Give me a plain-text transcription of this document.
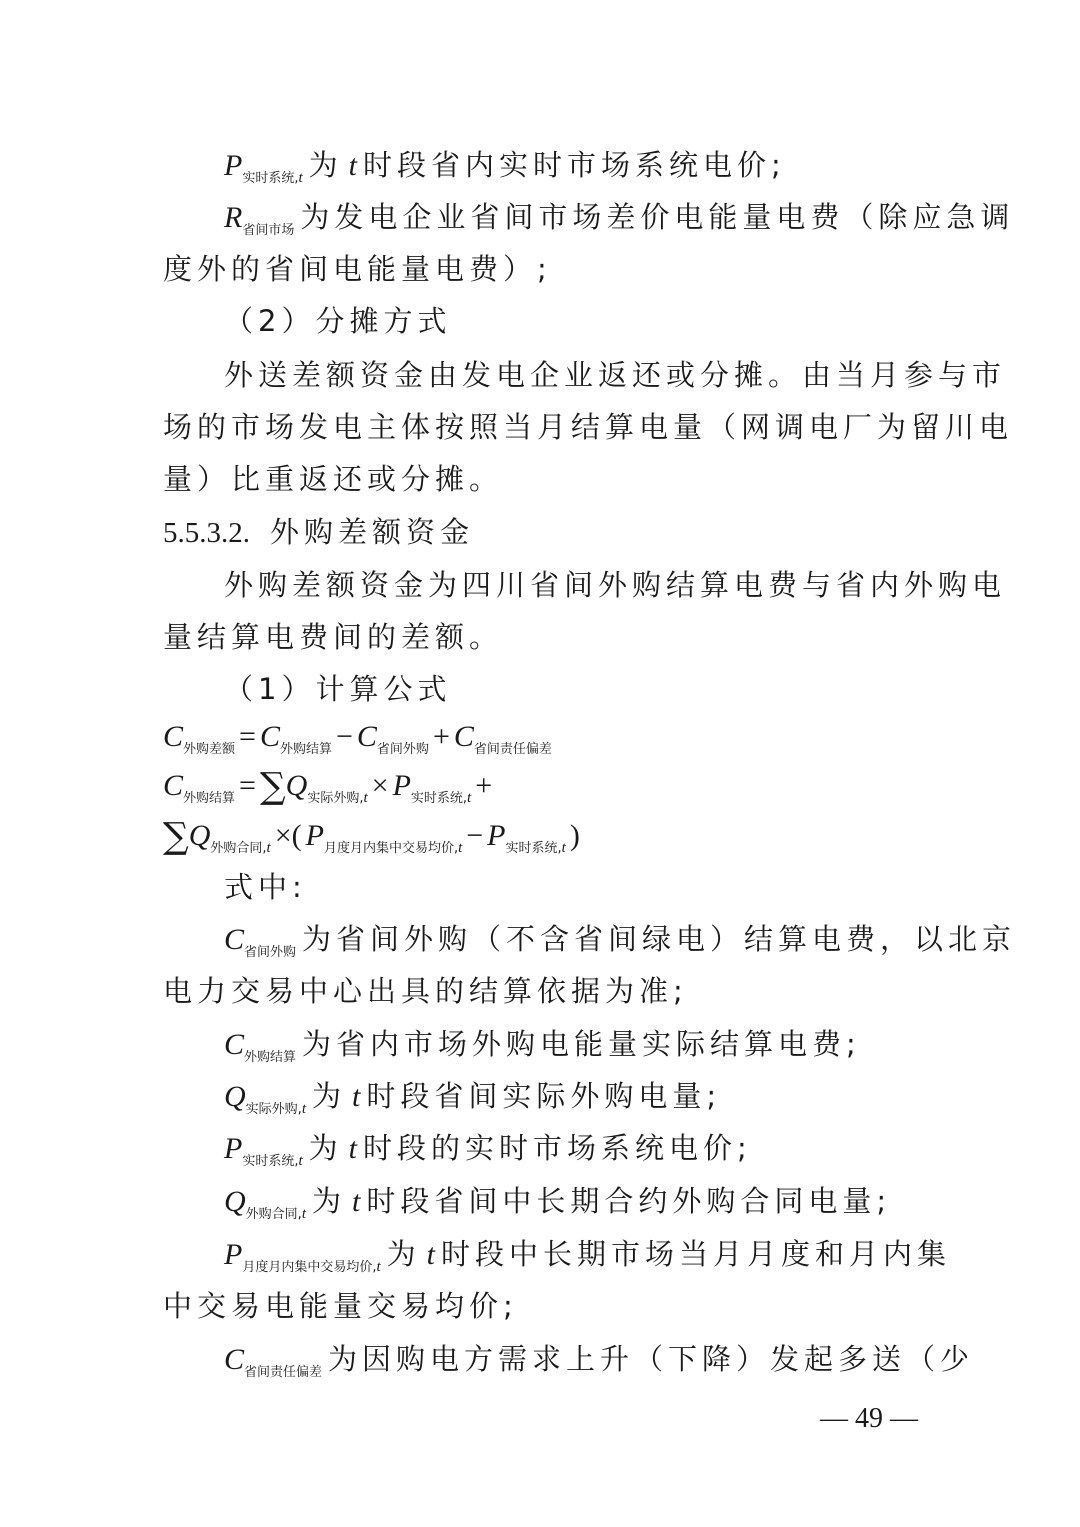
$P_{实时系统,t}$ 为 t 时段省内实时市场系统电价;
$R_{省间市场}$ 为发电企业省间市场差价电能量电费（除应急调
度外的省间电能量电费）;
（2）分摊方式
外送差额资金由发电企业返还或分摊。由当月参与市
场的市场发电主体按照当月结算电量（网调电厂为留川电
量）比重返还或分摊。
5.5.3.2. 外购差额资金
外购差额资金为四川省间外购结算电费与省内外购电
量结算电费间的差额。
（1）计算公式
$C_{外购差额} = C_{外购结算} - C_{省间外购} + C_{省间责任偏差}$
$C_{外购结算} = \sum Q_{实际外购,t} \times P_{实时系统,t}$ +
$\sum Q_{外购合同,t}$ ×( $P_{月度月内集中交易均价,t} - P_{实时系统,t}$ )
式中:
$C_{省间外购}$ 为省间外购（不含省间绿电）结算电费，以北京
电力交易中心出具的结算依据为准;
$C_{外购结算}$ 为省内市场外购电能量实际结算电费;
$Q_{实际外购,t}$ 为 t 时段省间实际外购电量;
$P_{实时系统,t}$ 为 t 时段的实时市场系统电价;
$Q_{外购合同,t}$ 为 t 时段省间中长期合约外购合同电量;
$P_{月度月内集中交易均价,t}$ 为 t 时段中长期市场当月月度和月内集
中交易电能量交易均价;
$C_{省间责任偏差}$ 为因购电方需求上升（下降）发起多送（少
— 49 —
